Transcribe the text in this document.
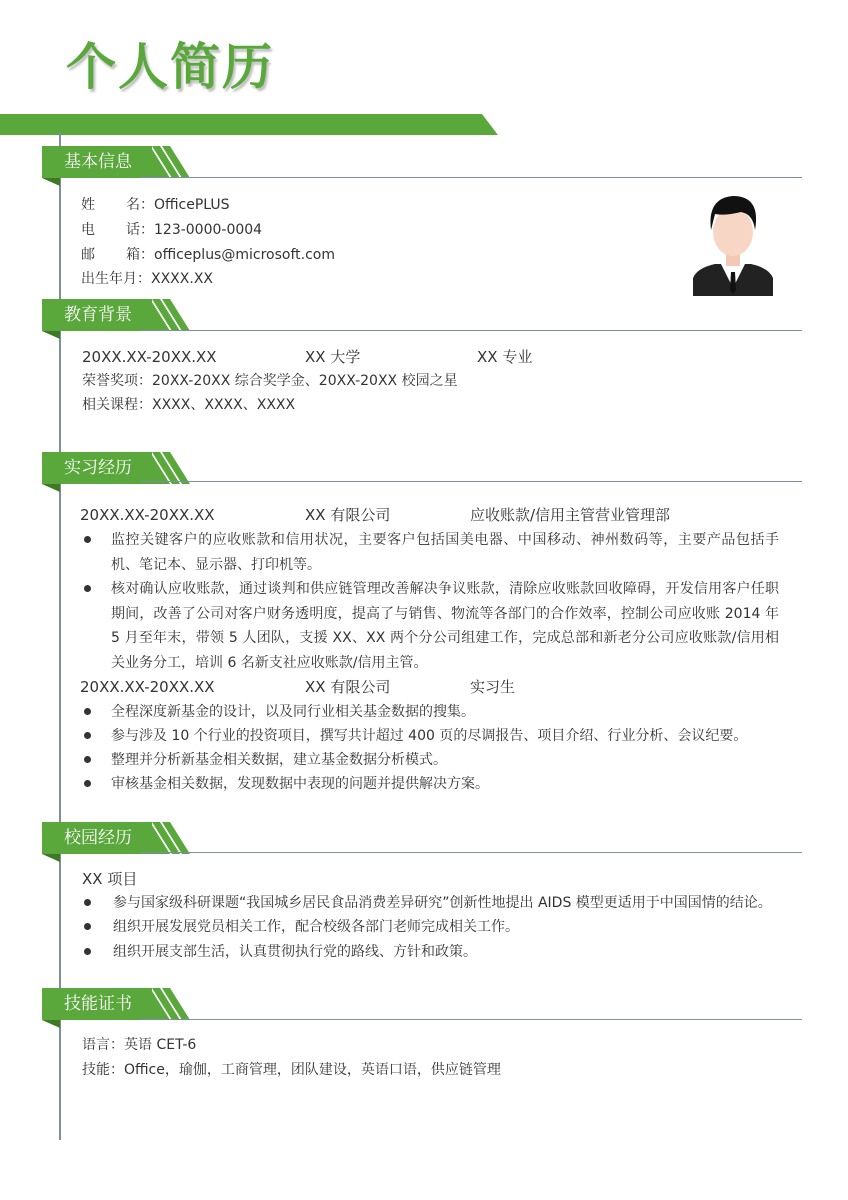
个人简历
基本信息
姓 名：OfficePLUS
电 话：123-0000-0004
邮 箱：officeplus@microsoft.com
出生年月：XXXX.XX
教育背景
20XX.XX-20XX.XX	XX 大学	XX 专业
荣誉奖项：20XX-20XX 综合奖学金、20XX-20XX 校园之星
相关课程：XXXX、XXXX、XXXX
实习经历
20XX.XX-20XX.XX	XX 有限公司	应收账款/信用主管营业管理部
监控关键客户的应收账款和信用状况，主要客户包括国美电器、中国移动、神州数码等，主要产品包括手机、笔记本、显示器、打印机等。
核对确认应收账款，通过谈判和供应链管理改善解决争议账款，清除应收账款回收障碍，开发信用客户任职期间，改善了公司对客户财务透明度，提高了与销售、物流等各部门的合作效率，控制公司应收账 2014 年 5 月至年末，带领 5 人团队，支援 XX、XX 两个分公司组建工作，完成总部和新老分公司应收账款/信用相关业务分工，培训 6 名新支社应收账款/信用主管。
20XX.XX-20XX.XX	XX 有限公司	实习生
全程深度新基金的设计，以及同行业相关基金数据的搜集。
参与涉及 10 个行业的投资项目，撰写共计超过 400 页的尽调报告、项目介绍、行业分析、会议纪要。
整理并分析新基金相关数据，建立基金数据分析模式。
审核基金相关数据，发现数据中表现的问题并提供解决方案。
校园经历
XX 项目
参与国家级科研课题“我国城乡居民食品消费差异研究”创新性地提出 AIDS 模型更适用于中国国情的结论。
组织开展发展党员相关工作，配合校级各部门老师完成相关工作。
组织开展支部生活，认真贯彻执行党的路线、方针和政策。
技能证书
语言：英语 CET-6
技能：Office，瑜伽，工商管理，团队建设，英语口语，供应链管理
